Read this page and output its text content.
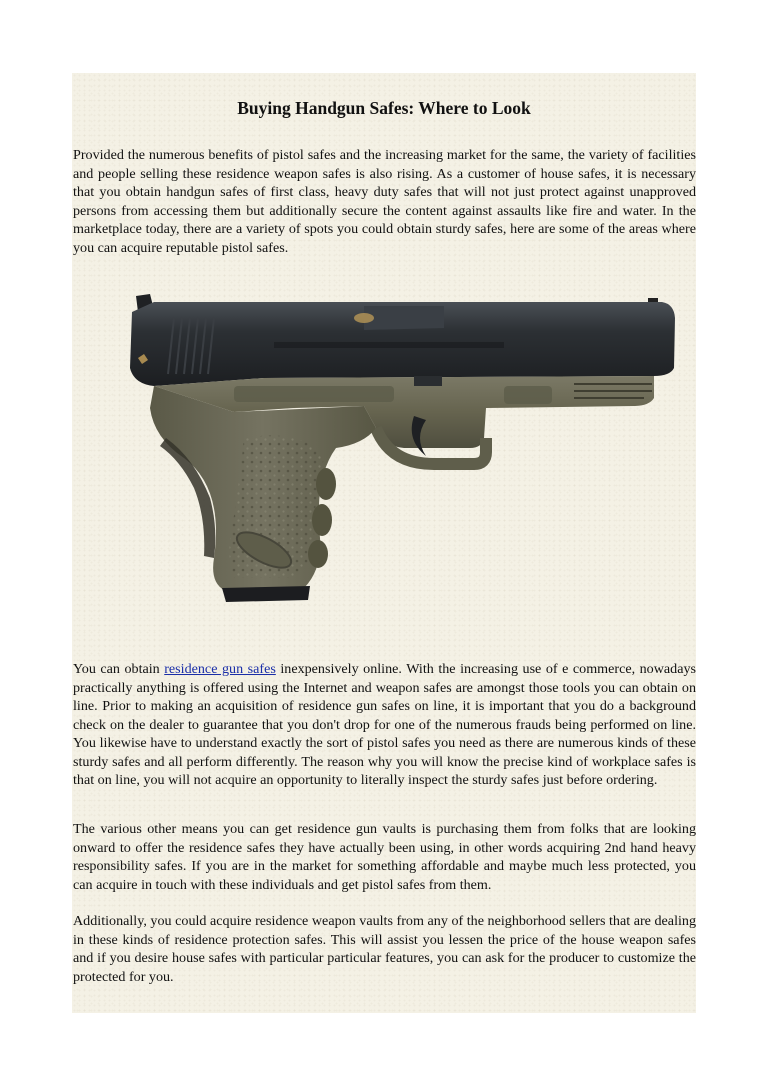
Buying Handgun Safes: Where to Look

Provided the numerous benefits of pistol safes and the increasing market for the same, the variety of facilities and people selling these residence weapon safes is also rising. As a customer of house safes, it is necessary that you obtain handgun safes of first class, heavy duty safes that will not just protect against unapproved persons from accessing them but additionally secure the content against assaults like fire and water. In the marketplace today, there are a variety of spots you could obtain sturdy safes, here are some of the areas where you can acquire reputable pistol safes.

You can obtain residence gun safes inexpensively online. With the increasing use of e commerce, nowadays practically anything is offered using the Internet and weapon safes are amongst those tools you can obtain on line. Prior to making an acquisition of residence gun safes on line, it is important that you do a background check on the dealer to guarantee that you don't drop for one of the numerous frauds being performed on line. You likewise have to understand exactly the sort of pistol safes you need as there are numerous kinds of these sturdy safes and all perform differently. The reason why you will know the precise kind of workplace safes is that on line, you will not acquire an opportunity to literally inspect the sturdy safes just before ordering.

The various other means you can get residence gun vaults is purchasing them from folks that are looking onward to offer the residence safes they have actually been using, in other words acquiring 2nd hand heavy responsibility safes. If you are in the market for something affordable and maybe much less protected, you can acquire in touch with these individuals and get pistol safes from them.

Additionally, you could acquire residence weapon vaults from any of the neighborhood sellers that are dealing in these kinds of residence protection safes. This will assist you lessen the price of the house weapon safes and if you desire house safes with particular particular features, you can ask for the producer to customize the protected for you.
